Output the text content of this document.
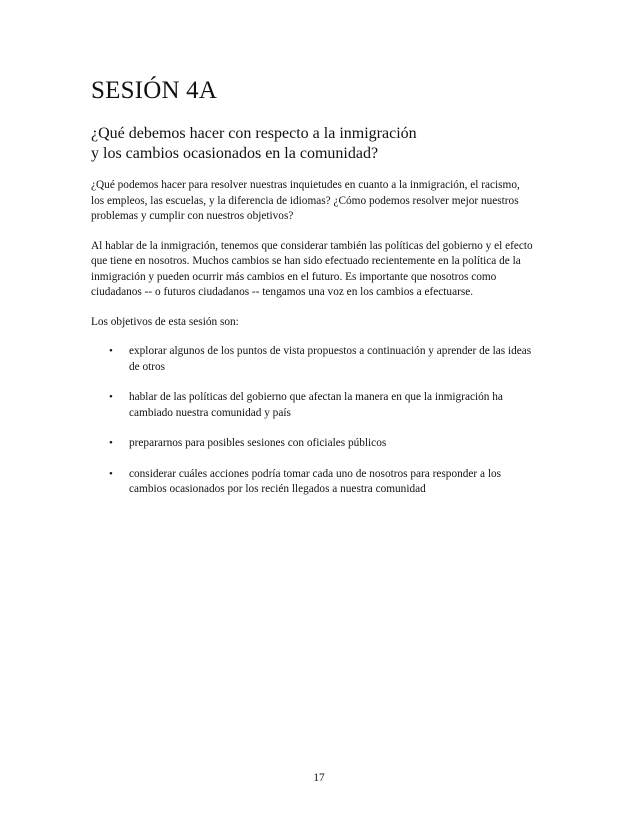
SESIÓN 4A
¿Qué debemos hacer con respecto a la inmigración
y los cambios ocasionados en la comunidad?

¿Qué podemos hacer para resolver nuestras inquietudes en cuanto a la inmigración, el racismo,
los empleos, las escuelas, y la diferencia de idiomas? ¿Cómo podemos resolver mejor nuestros
problemas y cumplir con nuestros objetivos?

Al hablar de la inmigración, tenemos que considerar también las políticas del gobierno y el efecto
que tiene en nosotros. Muchos cambios se han sido efectuado recientemente en la política de la
inmigración y pueden ocurrir más cambios en el futuro. Es importante que nosotros como
ciudadanos -- o futuros ciudadanos -- tengamos una voz en los cambios a efectuarse.

Los objetivos de esta sesión son:

• explorar algunos de los puntos de vista propuestos a continuación y aprender de las ideas
de otros
• hablar de las políticas del gobierno que afectan la manera en que la inmigración ha
cambiado nuestra comunidad y país
• prepararnos para posibles sesiones con oficiales públicos
• considerar cuáles acciones podría tomar cada uno de nosotros para responder a los
cambios ocasionados por los recién llegados a nuestra comunidad
17
